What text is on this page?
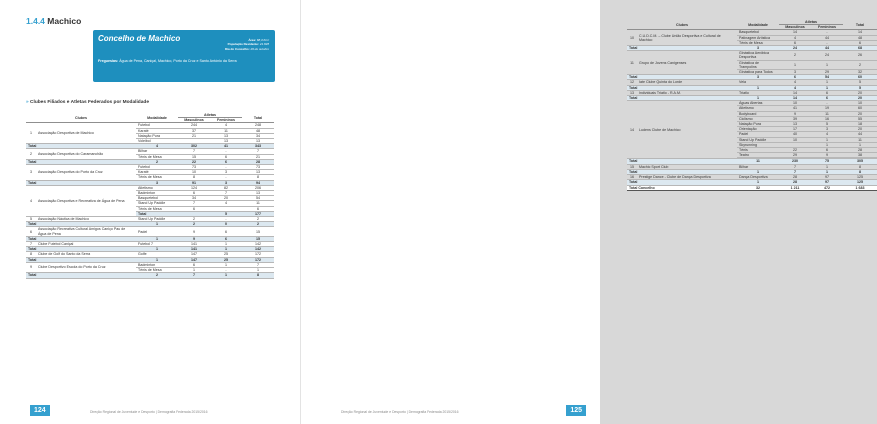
1.4.4 Machico
Concelho de Machico	Área: 68,3 Km²
População Residente: 21.828
Dia do Concelho: 29 de outubro
Freguesias: Água de Pena, Caniçal, Machico, Porto da Cruz e Santo António da Serra
» Clubes Filiados e Atletas Federados por Modalidade
Clubes		Modalidade	Atletas		Total	
			Masculinos	Femininos		
1	Associação Desportiva de Machico	Futebol	244	4	248	
		Karaté	37	11	48	
		Natação Pura	21	13	34	
		Voleibol		13	13	
Total		4	302	41	343	
2	Associação Desportiva do Caramanchão	Bilhar	7	-	7	
		Ténis de Mesa	15	6	21	
Total		2	22	6	28	
3	Associação Desportiva do Porto da Cruz	Futebol	73	-	73	
		Karaté	10	3	13	
		Ténis de Mesa	8	-	8	
Total		3	91	3	94	
4	Associação Desportiva e Recreativa de Água de Pena	Atletismo	124	82	206	
		Badminton	6	7	13	
		Basquetebol	34	20	54	
		Stand Up Paddle	7	4	11	
		Ténis de Mesa	6		6	
		Total		5	177		
5	Associação Náutica de Machico	Stand Up Paddle	2	-	2	
Total		1	2	0	2	
6	Associação Recreativa Cultural Amigos Caniço Pau de Água de Pena	Padel	9	6	15	
Total		1	9	6	15	
7	Clube Futebol Caniçal	Futebol 7	141	1	142	
Total		1	141	1	142	
8	Clube de Golf do Santo da Serra	Golfe	147	25	172	
Total		1	147	25	172	
9	Clube Desportivo Escola do Porto da Cruz	Badminton	6	1	7	
		Ténis de Mesa	1	-	1	
Total		2	7	1	8	
124	Direção Regional de Juventude e Desporto | Demografia Federada 2015/2016
Clubes		Modalidade	Atletas		Total
			Masculinos	Femininos	
10	C.U.D.C.M. – Clube União Desportiva e Cultural de Machico	Basquetebol	14	-	14
		Patinagem Artística	4	44	48
		Ténis de Mesa	6	-	6
Total		3	24	44	68
11	Grupo de Jovens Canigenses	Ginástica Aeróbica Desportiva	2	24	26
		Ginástica de Trampolins	1	1	2
		Ginástica para Todos	3	29	32
Total		3	6	54	60
12	Iate Clube Quinta do Lorde	Vela	4	1	5
Total		1	4	1	5
13	Individuais Triatlo - R.A.M.	Triatlo	14	6	20
Total		1	14	6	20
14	Ludens Clube de Machico	Águas Abertas	10	-	10
		Atletismo	41	19	60
		Bodyboard	9	11	20
		Ciclismo	39	16	55
		Natação Pura	13	5	18
		Orientação	17	3	20
		Padel	40	4	44
		Stand Up Paddle	10	1	11
		Skyrunning		1	1
		Ténis	22	6	28
		Teatro	29	9	38

Total		11	230	75	305
15	Machic Sport Club	Bilhar	7	1	8
Total		1	7	1	8
16	Prestige Dance - Clube de Dança Desportiva	Dança Desportiva	28	97	125
Total		1	28	97	125
Total Concelho		32	1 211	472	1 683
125
Direção Regional de Juventude e Desporto | Demografia Federada 2015/2016
